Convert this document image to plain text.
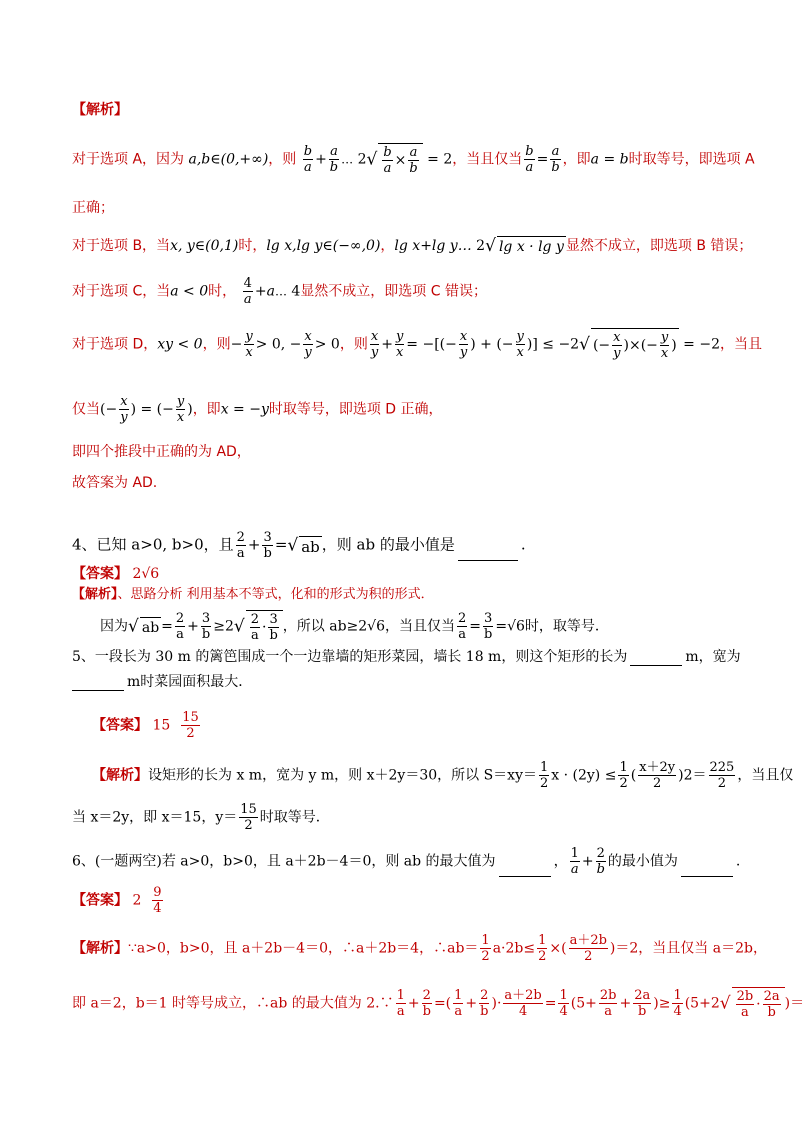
【解析】
对于选项 A，因为 a,b∈(0,+∞)，则 $\frac{b}{a} + \frac{a}{b}$ … $2√ \frac{b}{a} \times \frac{a}{b} = 2$，当且仅当 $\frac{b}{a} = \frac{a}{b}$ ，即a = b时取等号，即选项 A
正确；
对于选项 B，当x, y∈(0,1)时，lg x,lg y∈(−∞,0)，lg x+lg y… 2√ lg x · lg y 显然不成立，即选项 B 错误；
对于选项 C，当a < 0时， $\frac{4}{a}$ +a… 4显然不成立，即选项 C 错误；
对于选项 D，xy < 0，则− $\frac{y}{x} > 0$, − $\frac{x}{y} > 0$，则 $\frac{x}{y} + \frac{y}{x}$ = −[(− $\frac{x}{y}$ ) + (− $\frac{y}{x}$ )] ≤ −2√ (− $\frac{x}{y}$ )×(− $\frac{y}{x}$ ) = −2，当且
仅当(− $\frac{x}{y}$ ) = (− $\frac{y}{x}$ )，即x = −y时取等号，即选项 D 正确，
即四个推段中正确的为 AD，
故答案为 AD.
4、已知 a>0, b>0，且 $\frac{2}{a} + \frac{3}{b}$ =√ ab ，则 ab 的最小值是	.
【答案】 2√6
【解析】、思路分析 利用基本不等式，化和的形式为积的形式．
因为√ ab = $\frac{2}{a} + \frac{3}{b} \ge 2√ \frac{2}{a} \cdot \frac{3}{b}$ ，所以 ab≥2√6，当且仅当 $\frac{2}{a} = \frac{3}{b} =√6$时，取等号．
5、一段长为 30 m 的篱笆围成一个一边靠墙的矩形菜园，墙长 18 m，则这个矩形的长为	m，宽为
m时菜园面积最大．
【答案】 $15 \frac{15}{2}$
【解析】设矩形的长为 x m，宽为 y m，则 x＋2y＝30，所以 $S=xy= \frac{1}{2}$ $x \cdot (2y) \le \frac{1}{2}$ ( $\frac{x+2y}{2} )2= \frac{225}{2}$ ，当且仅
当 x＝2y，即 x＝15，$y= \frac{15}{2}$ 时取等号．
6、(一题两空)若 a>0，b>0，且 a＋2b－4＝0，则 ab 的最大值为	， $\frac{1}{a} + \frac{2}{b}$ 的最小值为	.
【答案】 $2 \frac{9}{4}$
【解析】∵a>0，b>0，且 a＋2b－4＝0，∴a＋2b＝4，∴ab＝ $\frac{1}{2} a\cdot 2b\le \frac{1}{2}$ ×( $\frac{a+2b}{2} )=2$，当且仅当 a＝2b，
即 a＝2，b＝1 时等号成立，∴ab 的最大值为 2.∵ $\frac{1}{a} + \frac{2}{b}$ =( $\frac{1}{a} + \frac{2}{b}$ )· $\frac{a+2b}{4} = \frac{1}{4} (5+ \frac{2b}{a} + \frac{2a}{b}$ )≥ $\frac{1}{4} (5+2√ \frac{2b}{a} \cdot \frac{2a}{b}$ )＝
